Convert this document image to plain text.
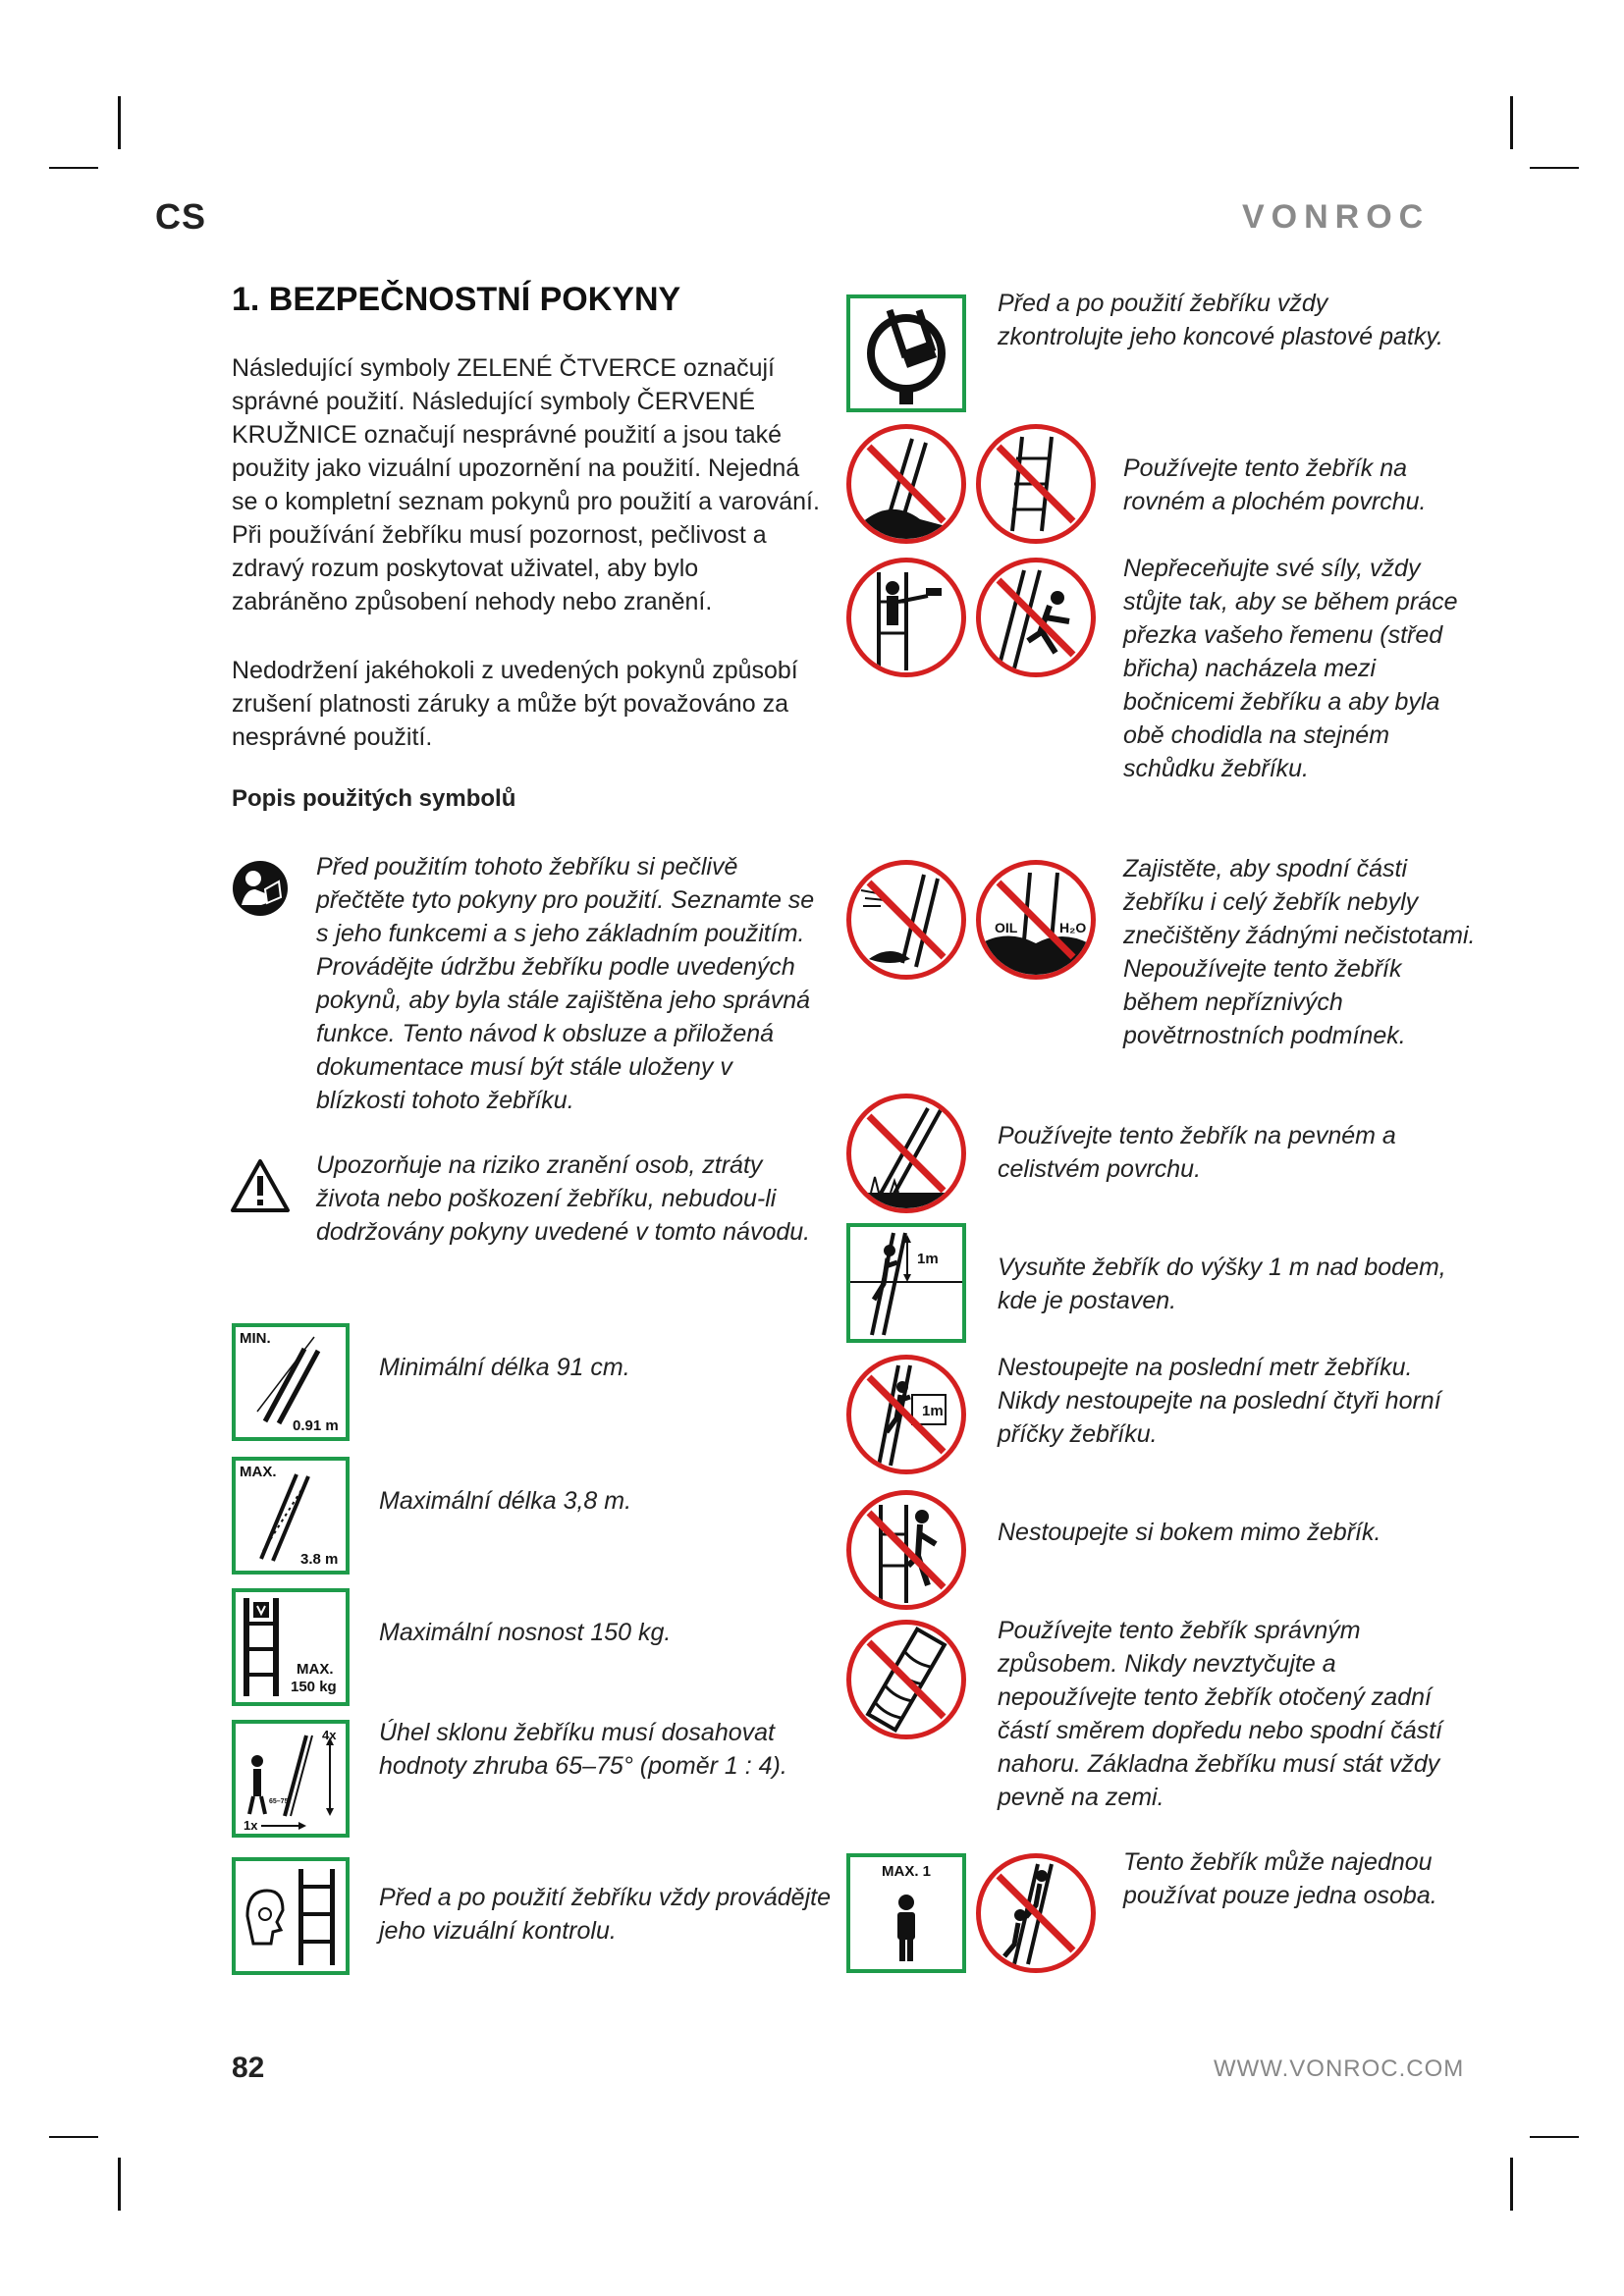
CS	VONROC
1. BEZPEČNOSTNÍ POKYNY

Následující symboly ZELENÉ ČTVERCE označují správné použití. Následující symboly ČERVENÉ KRUŽNICE označují nesprávné použití a jsou také použity jako vizuální upozornění na použití. Nejedná se o kompletní seznam pokynů pro použití a varování. Při používání žebříku musí pozornost, pečlivost a zdravý rozum poskytovat uživatel, aby bylo zabráněno způsobení nehody nebo zranění.

Nedodržení jakéhokoli z uvedených pokynů způsobí zrušení platnosti záruky a může být považováno za nesprávné použití.

Popis použitých symbolů

Před použitím tohoto žebříku si pečlivě přečtěte tyto pokyny pro použití. Seznamte se s jeho funkcemi a s jeho základním použitím. Provádějte údržbu žebříku podle uvedených pokynů, aby byla stále zajištěna jeho správná funkce. Tento návod k obsluze a přiložená dokumentace musí být stále uloženy v blízkosti tohoto žebříku.

Upozorňuje na riziko zranění osob, ztráty života nebo poškození žebříku, nebudou-li dodržovány pokyny uvedené v tomto návodu.

MIN.
0.91 m

Minimální délka 91 cm.

MAX.
3.8 m

Maximální délka 3,8 m.

MAX.
150 kg

Maximální nosnost 150 kg.

4x
1x
65–75°

Úhel sklonu žebříku musí dosahovat hodnoty zhruba 65–75° (poměr 1 : 4).

Před a po použití žebříku vždy provádějte jeho vizuální kontrolu.

Před a po použití žebříku vždy zkontrolujte jeho koncové plastové patky.

Používejte tento žebřík na rovném a plochém povrchu.

Nepřeceňujte své síly, vždy stůjte tak, aby se během práce přezka vašeho řemenu (střed břicha) nacházela mezi bočnicemi žebříku a aby byla obě chodidla na stejném schůdku žebříku.

OIL	H₂O

Zajistěte, aby spodní části žebříku i celý žebřík nebyly znečištěny žádnými nečistotami. Nepoužívejte tento žebřík během nepříznivých povětrnostních podmínek.

Používejte tento žebřík na pevném a celistvém povrchu.

1m Vysuňte žebřík do výšky 1 m nad bodem, kde je postaven.

1m

Nestoupejte na poslední metr žebříku. Nikdy nestoupejte na poslední čtyři horní příčky žebříku.

Nestoupejte si bokem mimo žebřík.

Používejte tento žebřík správným způsobem. Nikdy nevztyčujte a nepoužívejte tento žebřík otočený zadní částí směrem dopředu nebo spodní částí nahoru. Základna žebříku musí stát vždy pevně na zemi.

MAX. 1	Tento žebřík může najednou používat pouze jedna osoba.

82	WWW.VONROC.COM
